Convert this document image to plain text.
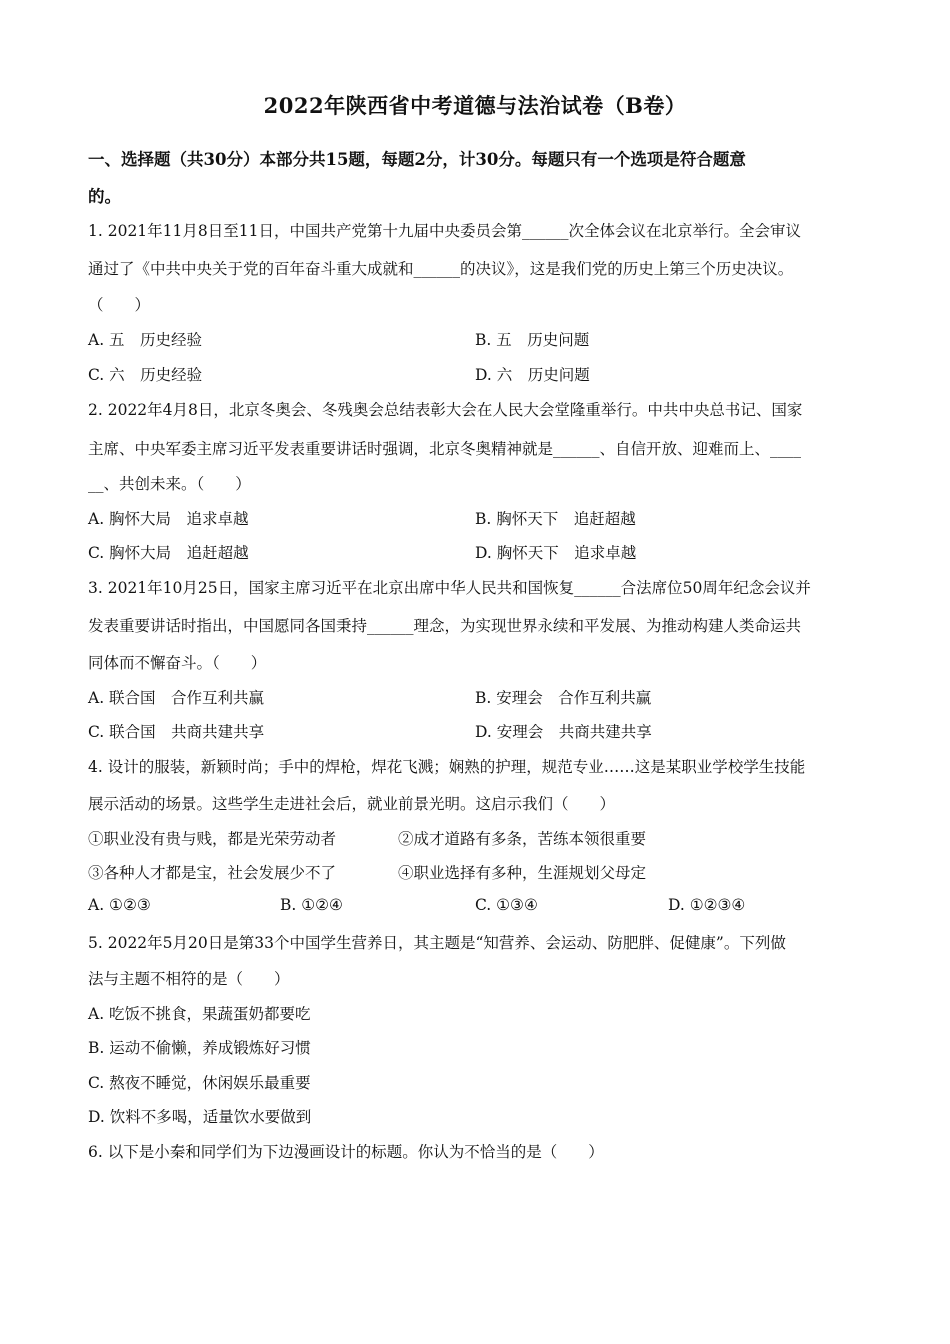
2022年陕西省中考道德与法治试卷（B卷）
一、选择题（共30分）本部分共15题，每题2分，计30分。每题只有一个选项是符合题意
的。
1. 2021年11月8日至11日，中国共产党第十九届中央委员会第______次全体会议在北京举行。全会审议
通过了《中共中央关于党的百年奋斗重大成就和______的决议》，这是我们党的历史上第三个历史决议。
（　　）
A. 五　历史经验	B. 五　历史问题
C. 六　历史经验	D. 六　历史问题
2. 2022年4月8日，北京冬奥会、冬残奥会总结表彰大会在人民大会堂隆重举行。中共中央总书记、国家
主席、中央军委主席习近平发表重要讲话时强调，北京冬奥精神就是______、自信开放、迎难而上、____
__、共创未来。（　　）
A. 胸怀大局　追求卓越	B. 胸怀天下　追赶超越
C. 胸怀大局　追赶超越	D. 胸怀天下　追求卓越
3. 2021年10月25日，国家主席习近平在北京出席中华人民共和国恢复______合法席位50周年纪念会议并
发表重要讲话时指出，中国愿同各国秉持______理念，为实现世界永续和平发展、为推动构建人类命运共
同体而不懈奋斗。（　　）
A. 联合国　合作互利共赢	B. 安理会　合作互利共赢
C. 联合国　共商共建共享	D. 安理会　共商共建共享
4. 设计的服装，新颖时尚；手中的焊枪，焊花飞溅；娴熟的护理，规范专业……这是某职业学校学生技能
展示活动的场景。这些学生走进社会后，就业前景光明。这启示我们（　　）
①职业没有贵与贱，都是光荣劳动者	②成才道路有多条，苦练本领很重要
③各种人才都是宝，社会发展少不了	④职业选择有多种，生涯规划父母定
A. ①②③	B. ①②④	C. ①③④	D. ①②③④
5. 2022年5月20日是第33个中国学生营养日，其主题是“知营养、会运动、防肥胖、促健康”。下列做
法与主题不相符的是（　　）
A. 吃饭不挑食，果蔬蛋奶都要吃
B. 运动不偷懒，养成锻炼好习惯
C. 熬夜不睡觉，休闲娱乐最重要
D. 饮料不多喝，适量饮水要做到
6. 以下是小秦和同学们为下边漫画设计的标题。你认为不恰当的是（　　）
